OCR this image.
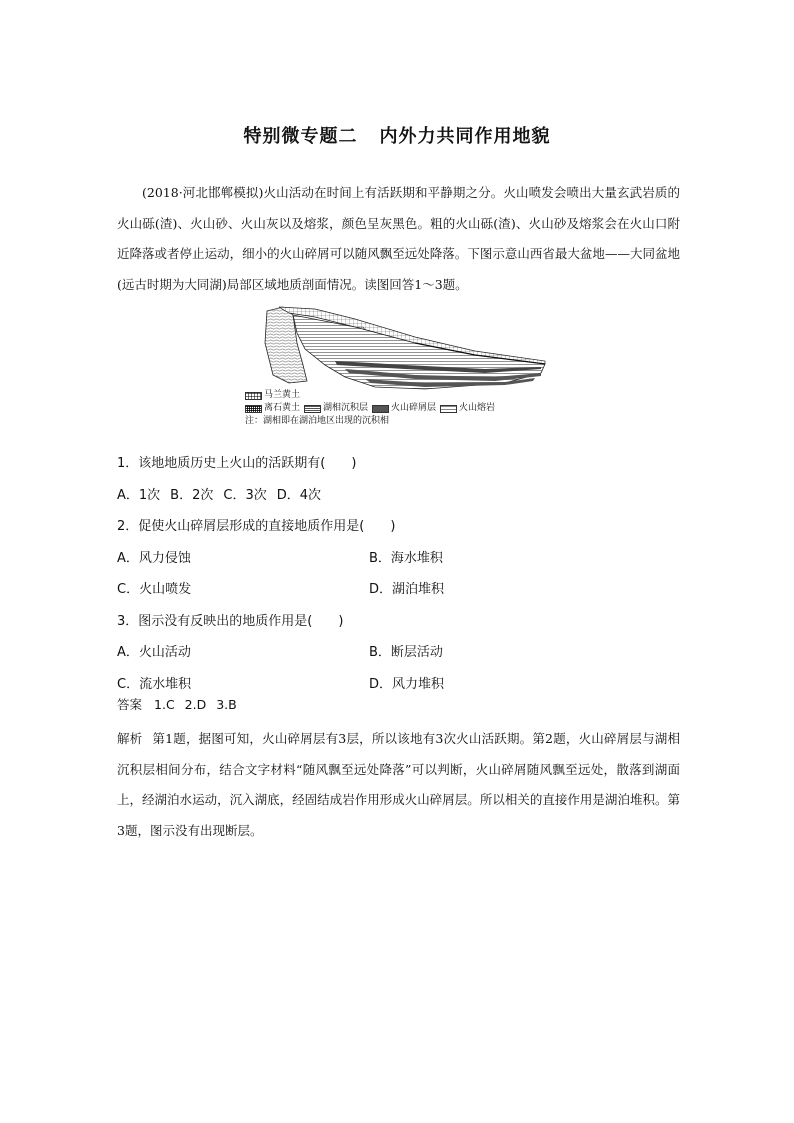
特别微专题二 内外力共同作用地貌

(2018·河北邯郸模拟)火山活动在时间上有活跃期和平静期之分。火山喷发会喷出大量玄武岩质的火山砾(渣)、火山砂、火山灰以及熔浆，颜色呈灰黑色。粗的火山砾(渣)、火山砂及熔浆会在火山口附近降落或者停止运动，细小的火山碎屑可以随风飘至远处降落。下图示意山西省最大盆地——大同盆地(远古时期为大同湖)局部区域地质剖面情况。读图回答1～3题。

马兰黄土
离石黄土	湖相沉积层	火山碎屑层	火山熔岩
注：湖相即在湖泊地区出现的沉积相
1．该地地质历史上火山的活跃期有(　　)
A．1次 B．2次 C．3次 D．4次
2．促使火山碎屑层形成的直接地质作用是(　　)
A．风力侵蚀	B．海水堆积
C．火山喷发	D．湖泊堆积
3．图示没有反映出的地质作用是(　　)
A．火山活动	B．断层活动
C．流水堆积	D．风力堆积
答案 1.C 2.D 3.B

解析 第1题，据图可知，火山碎屑层有3层，所以该地有3次火山活跃期。第2题，火山碎屑层与湖相沉积层相间分布，结合文字材料“随风飘至远处降落”可以判断，火山碎屑随风飘至远处，散落到湖面上，经湖泊水运动，沉入湖底，经固结成岩作用形成火山碎屑层。所以相关的直接作用是湖泊堆积。第3题，图示没有出现断层。
